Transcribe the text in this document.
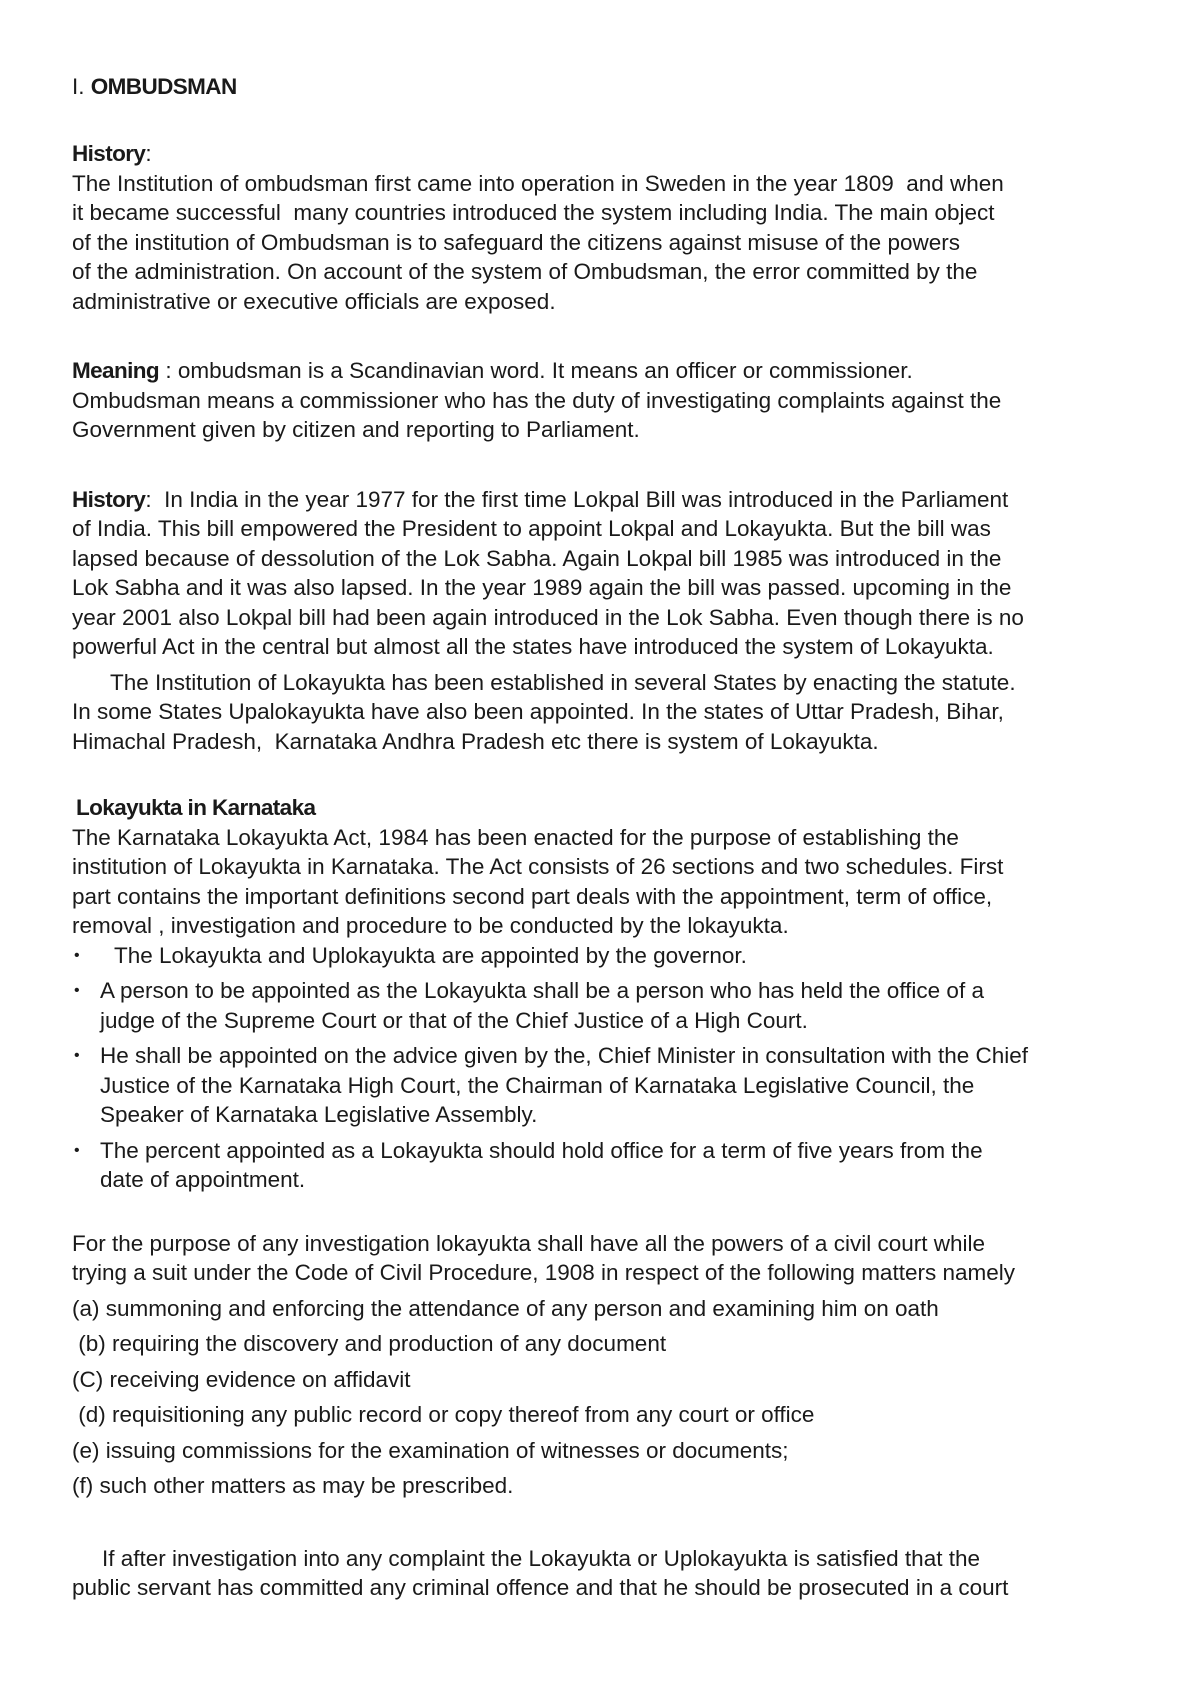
I. OMBUDSMAN
History:
The Institution of ombudsman first came into operation in Sweden in the year 1809  and when
it became successful  many countries introduced the system including India. The main object
of the institution of Ombudsman is to safeguard the citizens against misuse of the powers
of the administration. On account of the system of Ombudsman, the error committed by the
administrative or executive officials are exposed.
Meaning : ombudsman is a Scandinavian word. It means an officer or commissioner.
Ombudsman means a commissioner who has the duty of investigating complaints against the
Government given by citizen and reporting to Parliament.
History:  In India in the year 1977 for the first time Lokpal Bill was introduced in the Parliament
of India. This bill empowered the President to appoint Lokpal and Lokayukta. But the bill was
lapsed because of dessolution of the Lok Sabha. Again Lokpal bill 1985 was introduced in the
Lok Sabha and it was also lapsed. In the year 1989 again the bill was passed. upcoming in the
year 2001 also Lokpal bill had been again introduced in the Lok Sabha. Even though there is no
powerful Act in the central but almost all the states have introduced the system of Lokayukta.
The Institution of Lokayukta has been established in several States by enacting the statute.
In some States Upalokayukta have also been appointed. In the states of Uttar Pradesh, Bihar,
Himachal Pradesh,  Karnataka Andhra Pradesh etc there is system of Lokayukta.
Lokayukta in Karnataka
The Karnataka Lokayukta Act, 1984 has been enacted for the purpose of establishing the
institution of Lokayukta in Karnataka. The Act consists of 26 sections and two schedules. First
part contains the important definitions second part deals with the appointment, term of office,
removal , investigation and procedure to be conducted by the lokayukta.
• The Lokayukta and Uplokayukta are appointed by the governor.
• A person to be appointed as the Lokayukta shall be a person who has held the office of a
judge of the Supreme Court or that of the Chief Justice of a High Court.
• He shall be appointed on the advice given by the, Chief Minister in consultation with the Chief
Justice of the Karnataka High Court, the Chairman of Karnataka Legislative Council, the
Speaker of Karnataka Legislative Assembly.
• The percent appointed as a Lokayukta should hold office for a term of five years from the
date of appointment.
For the purpose of any investigation lokayukta shall have all the powers of a civil court while
trying a suit under the Code of Civil Procedure, 1908 in respect of the following matters namely
(a) summoning and enforcing the attendance of any person and examining him on oath
(b) requiring the discovery and production of any document
(C) receiving evidence on affidavit
(d) requisitioning any public record or copy thereof from any court or office
(e) issuing commissions for the examination of witnesses or documents;
(f) such other matters as may be prescribed.
If after investigation into any complaint the Lokayukta or Uplokayukta is satisfied that the
public servant has committed any criminal offence and that he should be prosecuted in a court
